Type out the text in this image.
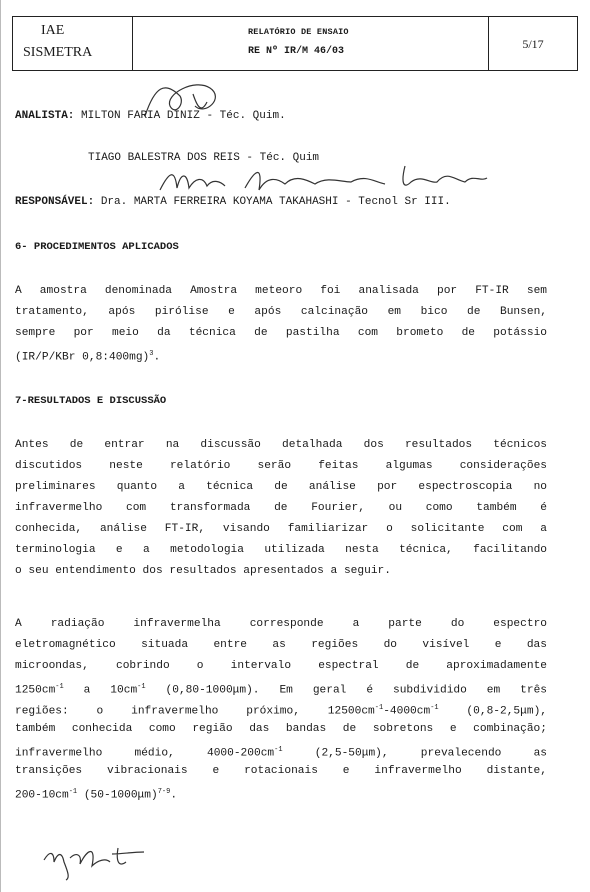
IAE
SISMETRA
RELATÓRIO DE ENSAIO
RE Nº IR/M 46/03
5/17
ANALISTA: MILTON FARIA DINIZ - Téc. Quim.
TIAGO BALESTRA DOS REIS - Téc. Quim
RESPONSÁVEL: Dra. MARTA FERREIRA KOYAMA TAKAHASHI - Tecnol Sr III.
6- PROCEDIMENTOS APLICADOS
A amostra denominada Amostra meteoro foi analisada por FT-IR sem
tratamento, após pirólise e após calcinação em bico de Bunsen,
sempre por meio da técnica de pastilha com brometo de potássio
(IR/P/KBr 0,8:400mg)$^3$.
7-RESULTADOS E DISCUSSÃO
Antes de entrar na discussão detalhada dos resultados técnicos
discutidos neste relatório serão feitas algumas considerações
preliminares quanto a técnica de análise por espectroscopia no
infravermelho com transformada de Fourier, ou como também é
conhecida, análise FT-IR, visando familiarizar o solicitante com a
terminologia e a metodologia utilizada nesta técnica, facilitando
o seu entendimento dos resultados apresentados a seguir.
A radiação infravermelha corresponde a parte do espectro
eletromagnético situada entre as regiões do visível e das
microondas, cobrindo o intervalo espectral de aproximadamente
$1250cm^{-1}$ a $10cm^{-1}$ (0,80-1000μm). Em geral é subdividido em três
regiões: o infravermelho próximo, $12500cm^{-1}-4000cm^{-1}$ (0,8-2,5μm),
também conhecida como região das bandas de sobretons e combinação;
infravermelho médio, $4000-200cm^{-1}$ (2,5-50μm), prevalecendo as
transições vibracionais e rotacionais e infravermelho distante,
$200-10cm^{-1}$ $(50-1000\mu m)^{7-9}$.
